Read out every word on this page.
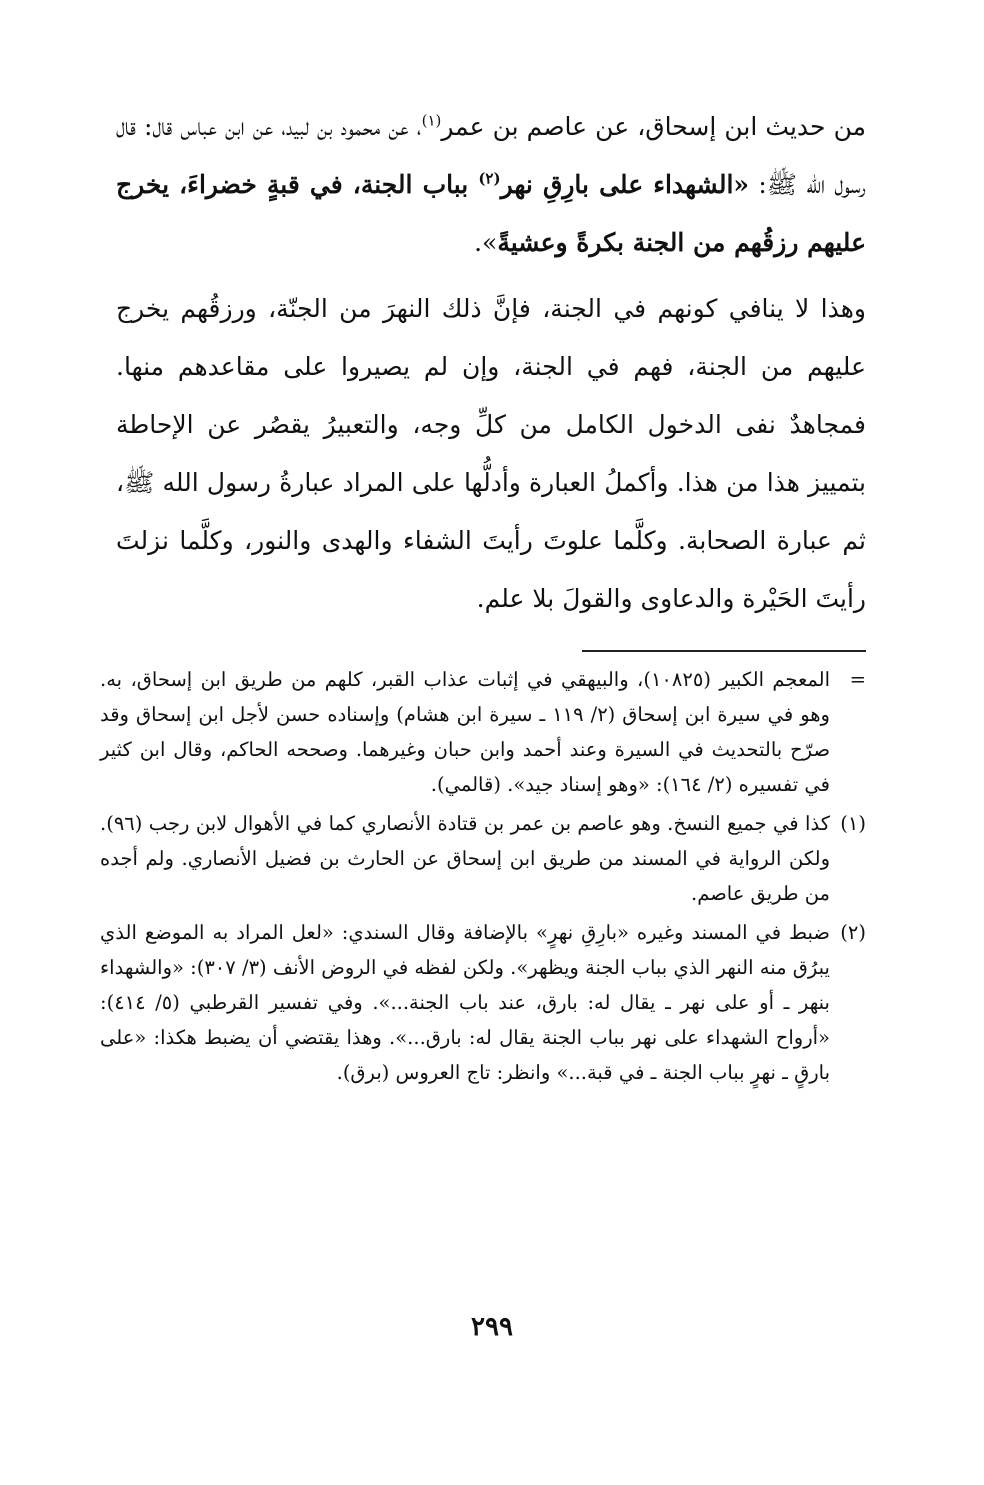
من حديث ابن إسحاق، عن عاصم بن عمر$^{(١)}$، عن محمود بن لبيد، عن ابن عباس قال: قال رسول الله ﷺ: «الشهداء على بارِقِ نهر$^{(٢)}$ بباب الجنة، في قبةٍ خضراءَ، يخرج عليهم رزقُهم من الجنة بكرةً وعشيةً».

وهذا لا ينافي كونهم في الجنة، فإنَّ ذلك النهرَ من الجنّة، ورزقُهم يخرج عليهم من الجنة، فهم في الجنة، وإن لم يصيروا على مقاعدهم منها. فمجاهدٌ نفى الدخول الكامل من كلِّ وجه، والتعبيرُ يقصُر عن الإحاطة بتمييز هذا من هذا. وأكملُ العبارة وأدلُّها على المراد عبارةُ رسول الله ﷺ، ثم عبارة الصحابة. وكلَّما علوتَ رأيتَ الشفاء والهدى والنور، وكلَّما نزلتَ رأيتَ الحَيْرة والدعاوى والقولَ بلا علم.

=
المعجم الكبير (١٠٨٢٥)، والبيهقي في إثبات عذاب القبر، كلهم من طريق ابن إسحاق، به. وهو في سيرة ابن إسحاق (٢/ ١١٩ ـ سيرة ابن هشام) وإسناده حسن لأجل ابن إسحاق وقد صرّح بالتحديث في السيرة وعند أحمد وابن حبان وغيرهما. وصححه الحاكم، وقال ابن كثير في تفسيره (٢/ ١٦٤): «وهو إسناد جيد». (قالمي).
(١)
كذا في جميع النسخ. وهو عاصم بن عمر بن قتادة الأنصاري كما في الأهوال لابن رجب (٩٦). ولكن الرواية في المسند من طريق ابن إسحاق عن الحارث بن فضيل الأنصاري. ولم أجده من طريق عاصم.
(٢)
ضبط في المسند وغيره «بارِقِ نهرٍ» بالإضافة وقال السندي: «لعل المراد به الموضع الذي يبرُق منه النهر الذي بباب الجنة ويظهر». ولكن لفظه في الروض الأنف (٣/ ٣٠٧): «والشهداء بنهر ـ أو على نهر ـ يقال له: بارق، عند باب الجنة...». وفي تفسير القرطبي (٥/ ٤١٤): «أرواح الشهداء على نهر بباب الجنة يقال له: بارق...». وهذا يقتضي أن يضبط هكذا: «على بارقٍ ـ نهرٍ بباب الجنة ـ في قبة...» وانظر: تاج العروس (برق).
٢٩٩
